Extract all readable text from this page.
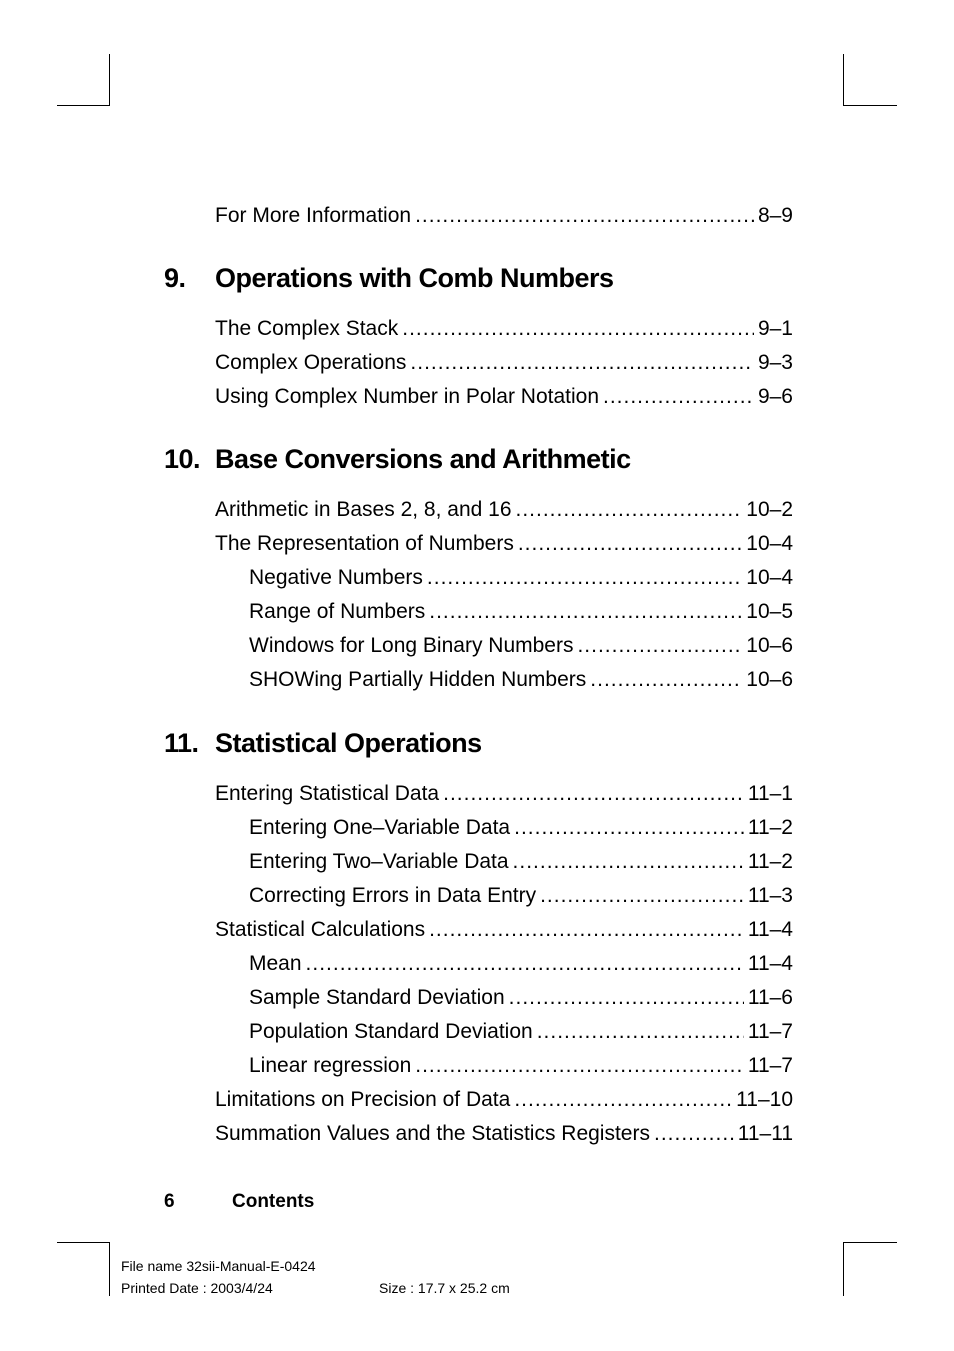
For More Information .....	8–9
9. Operations with Comb Numbers
The Complex Stack .....	9–1
Complex Operations .....	9–3
Using Complex Number in Polar Notation .....	9–6
10. Base Conversions and Arithmetic
Arithmetic in Bases 2, 8, and 16 .....	10–2
The Representation of Numbers .....	10–4
Negative Numbers .....	10–4
Range of Numbers .....	10–5
Windows for Long Binary Numbers .....	10–6
SHOWing Partially Hidden Numbers .....	10–6
11. Statistical Operations
Entering Statistical Data .....	11–1
Entering One–Variable Data .....	11–2
Entering Two–Variable Data .....	11–2
Correcting Errors in Data Entry .....	11–3
Statistical Calculations .....	11–4
Mean .....	11–4
Sample Standard Deviation .....	11–6
Population Standard Deviation .....	11–7
Linear regression .....	11–7
Limitations on Precision of Data .....	11–10
Summation Values and the Statistics Registers .....	11–11
6	Contents
File name 32sii-Manual-E-0424
Printed Date : 2003/4/24	Size : 17.7 x 25.2 cm
